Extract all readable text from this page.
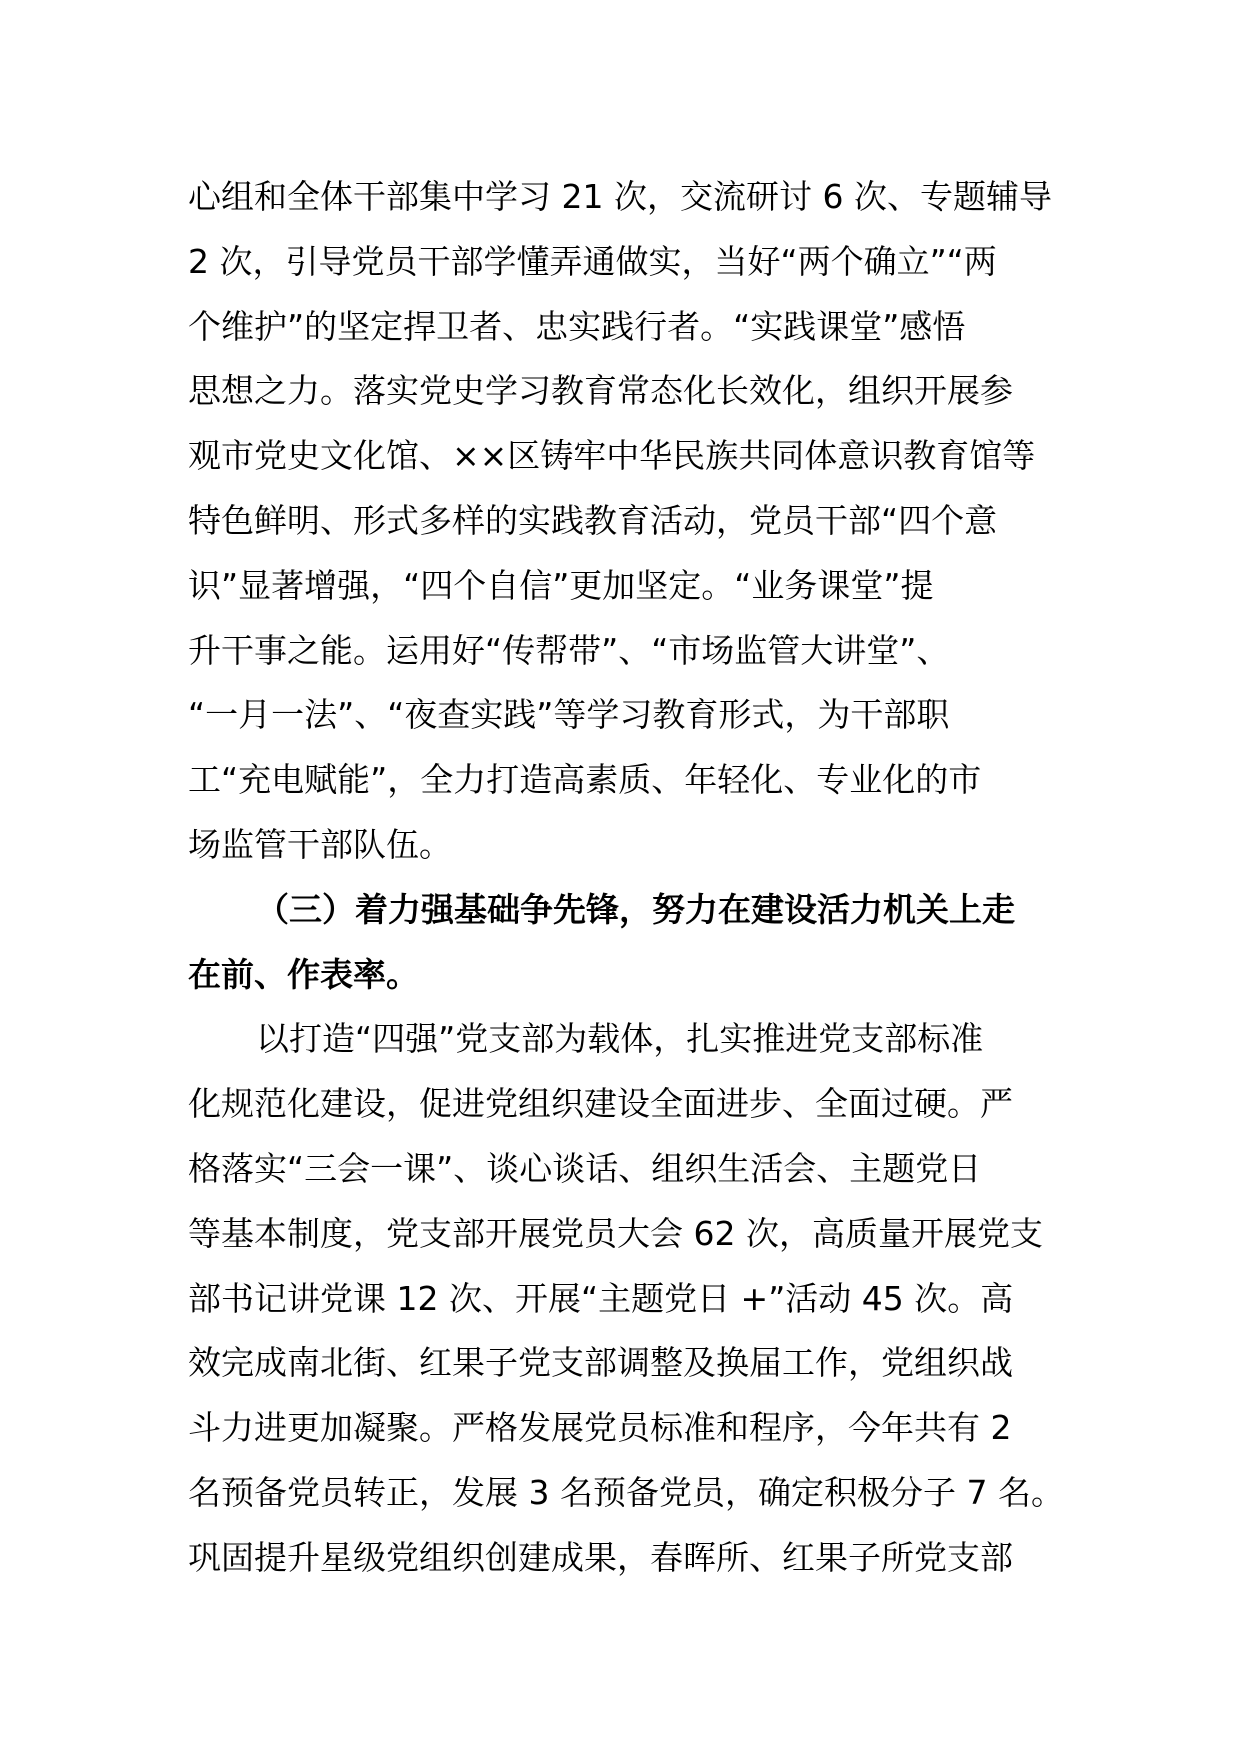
心组和全体干部集中学习 21 次，交流研讨 6 次、专题辅导
2 次，引导党员干部学懂弄通做实，当好“两个确立”“两
个维护”的坚定捍卫者、忠实践行者。“实践课堂”感悟
思想之力。落实党史学习教育常态化长效化，组织开展参
观市党史文化馆、××区铸牢中华民族共同体意识教育馆等
特色鲜明、形式多样的实践教育活动，党员干部“四个意
识”显著增强，“四个自信”更加坚定。“业务课堂”提
升干事之能。运用好“传帮带”、“市场监管大讲堂”、
“一月一法”、“夜查实践”等学习教育形式，为干部职
工“充电赋能”，全力打造高素质、年轻化、专业化的市
场监管干部队伍。
（三）着力强基础争先锋，努力在建设活力机关上走
在前、作表率。
以打造“四强”党支部为载体，扎实推进党支部标准
化规范化建设，促进党组织建设全面进步、全面过硬。严
格落实“三会一课”、谈心谈话、组织生活会、主题党日
等基本制度，党支部开展党员大会 62 次，高质量开展党支
部书记讲党课 12 次、开展“主题党日 +”活动 45 次。高
效完成南北街、红果子党支部调整及换届工作，党组织战
斗力进更加凝聚。严格发展党员标准和程序，今年共有 2
名预备党员转正，发展 3 名预备党员，确定积极分子 7 名。
巩固提升星级党组织创建成果，春晖所、红果子所党支部
